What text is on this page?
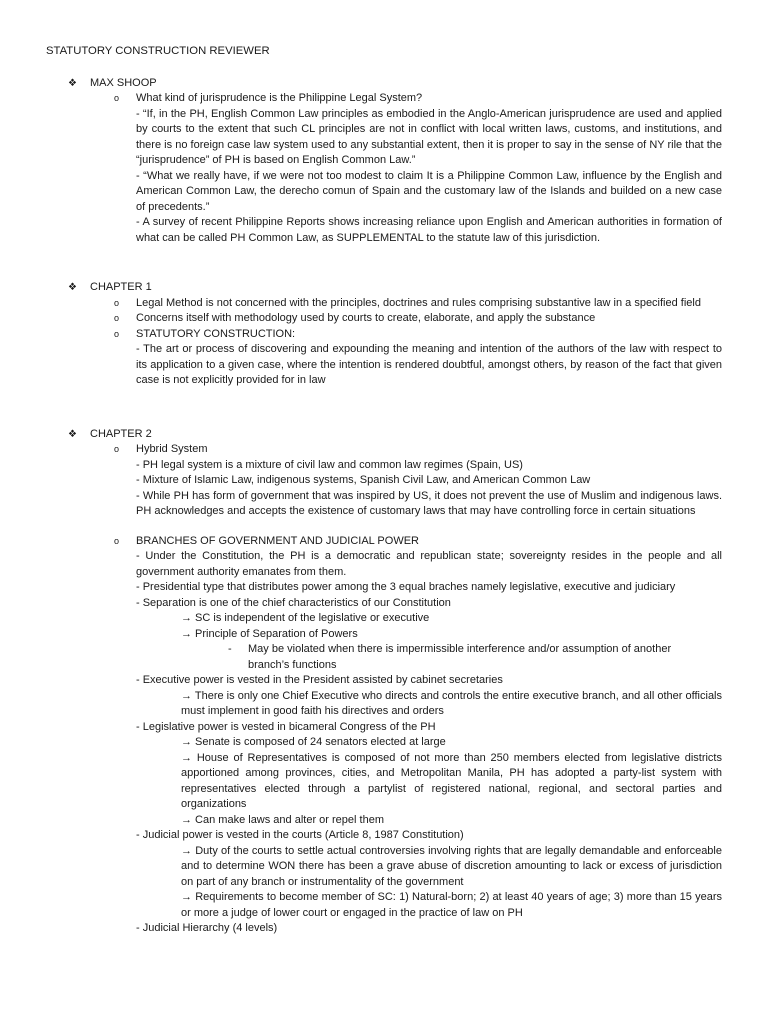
STATUTORY CONSTRUCTION REVIEWER
❖ MAX SHOOP
o What kind of jurisprudence is the Philippine Legal System?

- “If, in the PH, English Common Law principles as embodied in the Anglo-American jurisprudence are used and applied by courts to the extent that such CL principles are not in conflict with local written laws, customs, and institutions, and there is no foreign case law system used to any substantial extent, then it is proper to say in the sense of NY rile that the “jurisprudence” of PH is based on English Common Law.”

- “What we really have, if we were not too modest to claim It is a Philippine Common Law, influence by the English and American Common Law, the derecho comun of Spain and the customary law of the Islands and builded on a new case of precedents.”

- A survey of recent Philippine Reports shows increasing reliance upon English and American authorities in formation of what can be called PH Common Law, as SUPPLEMENTAL to the statute law of this jurisdiction.

❖ CHAPTER 1
o Legal Method is not concerned with the principles, doctrines and rules comprising substantive law in a specified field
o Concerns itself with methodology used by courts to create, elaborate, and apply the substance
o STATUTORY CONSTRUCTION:

- The art or process of discovering and expounding the meaning and intention of the authors of the law with respect to its application to a given case, where the intention is rendered doubtful, amongst others, by reason of the fact that given case is not explicitly provided for in law

❖ CHAPTER 2
o Hybrid System

- PH legal system is a mixture of civil law and common law regimes (Spain, US)

- Mixture of Islamic Law, indigenous systems, Spanish Civil Law, and American Common Law

- While PH has form of government that was inspired by US, it does not prevent the use of Muslim and indigenous laws. PH acknowledges and accepts the existence of customary laws that may have controlling force in certain situations

o BRANCHES OF GOVERNMENT AND JUDICIAL POWER

- Under the Constitution, the PH is a democratic and republican state; sovereignty resides in the people and all government authority emanates from them.

- Presidential type that distributes power among the 3 equal braches namely legislative, executive and judiciary

- Separation is one of the chief characteristics of our Constitution

→ SC is independent of the legislative or executive
→ Principle of Separation of Powers
- May be violated when there is impermissible interference and/or assumption of another branch’s functions

- Executive power is vested in the President assisted by cabinet secretaries

→ There is only one Chief Executive who directs and controls the entire executive branch, and all other officials must implement in good faith his directives and orders

- Legislative power is vested in bicameral Congress of the PH

→ Senate is composed of 24 senators elected at large
→ House of Representatives is composed of not more than 250 members elected from legislative districts apportioned among provinces, cities, and Metropolitan Manila, PH has adopted a party-list system with representatives elected through a partylist of registered national, regional, and sectoral parties and organizations
→ Can make laws and alter or repel them

- Judicial power is vested in the courts (Article 8, 1987 Constitution)

→ Duty of the courts to settle actual controversies involving rights that are legally demandable and enforceable and to determine WON there has been a grave abuse of discretion amounting to lack or excess of jurisdiction on part of any branch or instrumentality of the government
→ Requirements to become member of SC: 1) Natural-born; 2) at least 40 years of age; 3) more than 15 years or more a judge of lower court or engaged in the practice of law on PH

- Judicial Hierarchy (4 levels)
